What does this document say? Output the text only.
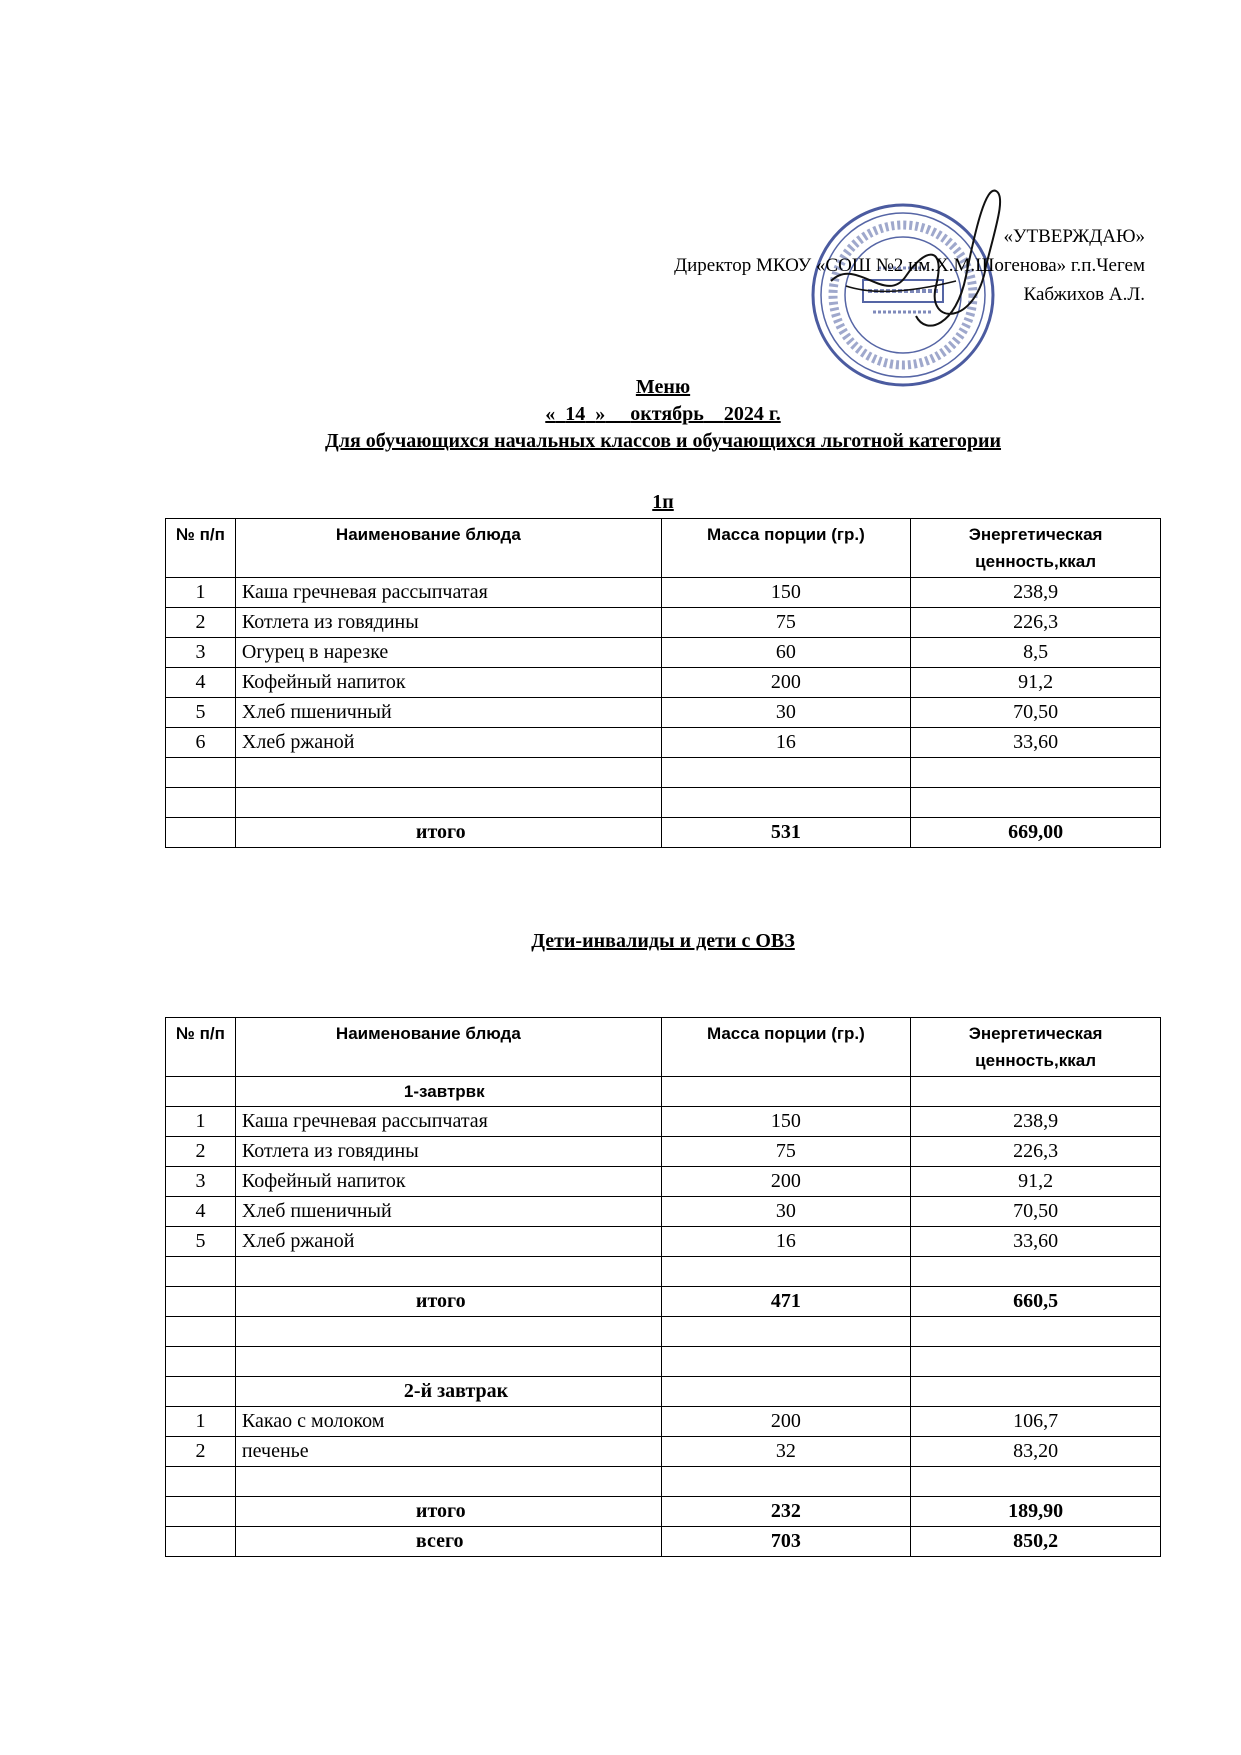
«УТВЕРЖДАЮ»
Директор МКОУ «СОШ №2 им.Х.М.Шогенова» г.п.Чегем
Кабжихов А.Л.
Меню
« 14 » октябрь 2024 г.
Для обучающихся начальных классов и обучающихся льготной категории
1п
№ п/п	Наименование блюда	Масса порции (гр.)	Энергетическая ценность,ккал
1	Каша гречневая рассыпчатая	150	238,9
2	Котлета из говядины	75	226,3
3	Огурец в нарезке	60	8,5
4	Кофейный напиток	200	91,2
5	Хлеб пшеничный	30	70,50
6	Хлеб ржаной	16	33,60

	итого	531	669,00
Дети-инвалиды и дети с ОВЗ
№ п/п	Наименование блюда	Масса порции (гр.)	Энергетическая ценность,ккал
	1-завтрвк		
1	Каша гречневая рассыпчатая	150	238,9
2	Котлета из говядины	75	226,3
3	Кофейный напиток	200	91,2
4	Хлеб пшеничный	30	70,50
5	Хлеб ржаной	16	33,60

	итого	471	660,5

	2-й завтрак		
1	Какао с молоком	200	106,7
2	печенье	32	83,20

	итого	232	189,90
	всего	703	850,2
